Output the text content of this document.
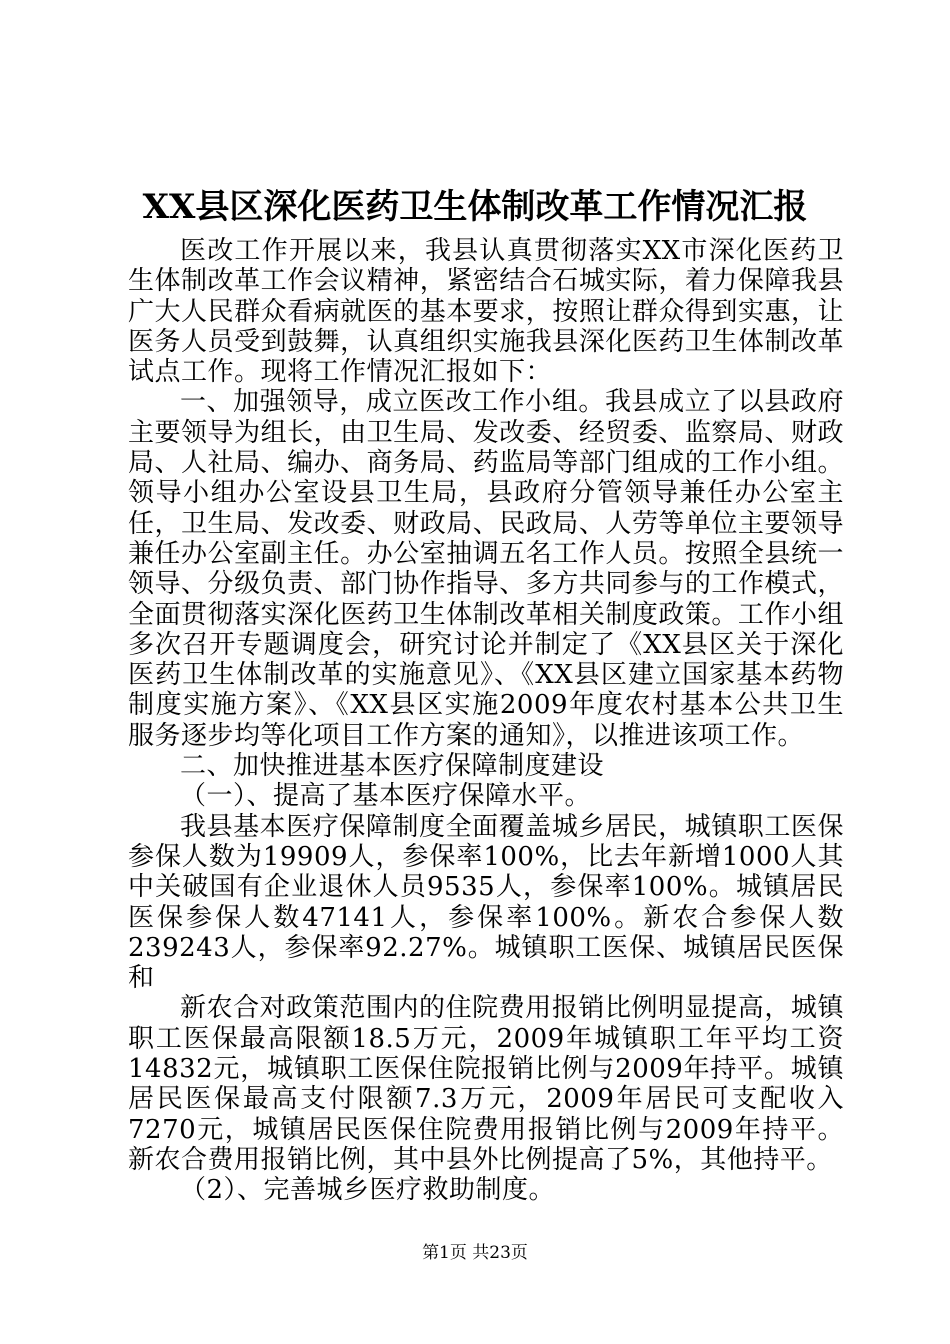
XX县区深化医药卫生体制改革工作情况汇报

医改工作开展以来，我县认真贯彻落实XX市深化医药卫生体制改革工作会议精神，紧密结合石城实际，着力保障我县广大人民群众看病就医的基本要求，按照让群众得到实惠，让医务人员受到鼓舞，认真组织实施我县深化医药卫生体制改革试点工作。现将工作情况汇报如下：

一、加强领导，成立医改工作小组。我县成立了以县政府主要领导为组长，由卫生局、发改委、经贸委、监察局、财政局、人社局、编办、商务局、药监局等部门组成的工作小组。领导小组办公室设县卫生局，县政府分管领导兼任办公室主任，卫生局、发改委、财政局、民政局、人劳等单位主要领导兼任办公室副主任。办公室抽调五名工作人员。按照全县统一领导、分级负责、部门协作指导、多方共同参与的工作模式，全面贯彻落实深化医药卫生体制改革相关制度政策。工作小组多次召开专题调度会，研究讨论并制定了《XX县区关于深化医药卫生体制改革的实施意见》、《XX县区建立国家基本药物制度实施方案》、《XX县区实施2009年度农村基本公共卫生服务逐步均等化项目工作方案的通知》，以推进该项工作。

二、加快推进基本医疗保障制度建设

（一）、提高了基本医疗保障水平。

我县基本医疗保障制度全面覆盖城乡居民，城镇职工医保参保人数为19909人，参保率100%，比去年新增1000人其中关破国有企业退休人员9535人，参保率100%。城镇居民医保参保人数47141人，参保率100%。新农合参保人数239243人，参保率92.27%。城镇职工医保、城镇居民医保和

新农合对政策范围内的住院费用报销比例明显提高，城镇职工医保最高限额18.5万元，2009年城镇职工年平均工资14832元，城镇职工医保住院报销比例与2009年持平。城镇居民医保最高支付限额7.3万元，2009年居民可支配收入7270元，城镇居民医保住院费用报销比例与2009年持平。新农合费用报销比例，其中县外比例提高了5%，其他持平。

（2）、完善城乡医疗救助制度。

第1页 共23页
